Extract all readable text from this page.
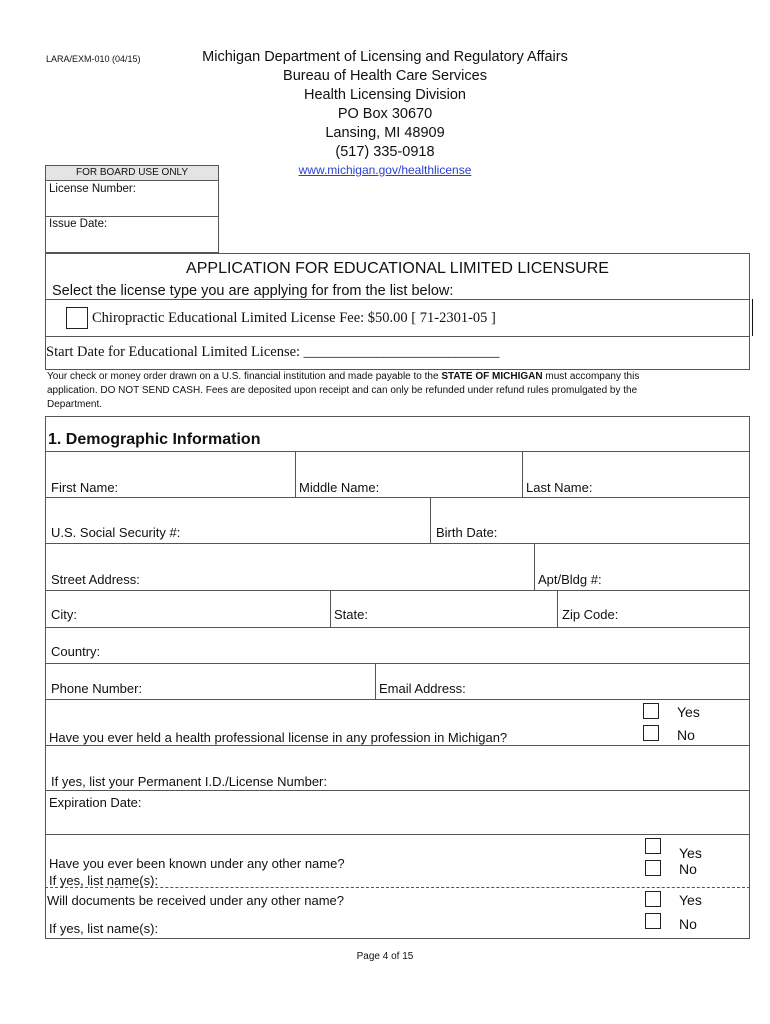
LARA/EXM-010 (04/15)	Michigan Department of Licensing and Regulatory Affairs
Bureau of Health Care Services
Health Licensing Division
PO Box 30670
Lansing, MI 48909
(517) 335-0918
www.michigan.gov/healthlicense
FOR BOARD USE ONLY
License Number:
Issue Date:
APPLICATION FOR EDUCATIONAL LIMITED LICENSURE
Select the license type you are applying for from the list below:
Chiropractic Educational Limited License Fee: $50.00 [ 71-2301-05 ]
Start Date for Educational Limited License: ___________________________
Your check or money order drawn on a U.S. financial institution and made payable to the STATE OF MICHIGAN must accompany this
application. DO NOT SEND CASH. Fees are deposited upon receipt and can only be refunded under refund rules promulgated by the
Department.
1. Demographic Information
First Name:	Middle Name:	Last Name:
U.S. Social Security #:	Birth Date:
Street Address:	Apt/Bldg #:
City:	State:	Zip Code:
Country:
Phone Number:	Email Address:
Have you ever held a health professional license in any profession in Michigan?
Yes
No
If yes, list your Permanent I.D./License Number:
Expiration Date:
Have you ever been known under any other name?
If yes, list name(s):
Yes
No
Will documents be received under any other name?
If yes, list name(s):
Yes
No
Page 4 of 15
